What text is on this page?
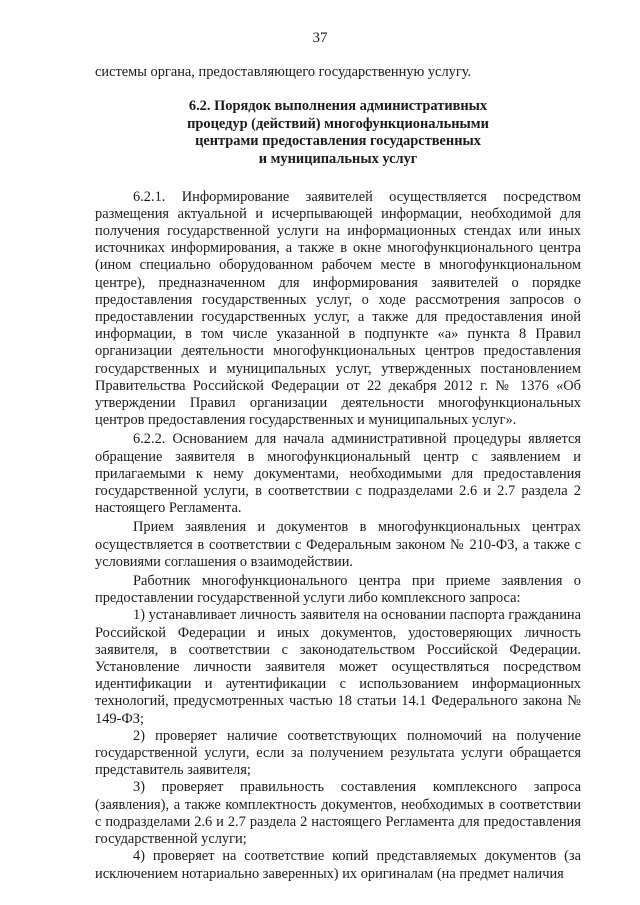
37

системы органа, предоставляющего государственную услугу.

6.2. Порядок выполнения административных
процедур (действий) многофункциональными
центрами предоставления государственных
и муниципальных услуг

6.2.1. Информирование заявителей осуществляется посредством размещения актуальной и исчерпывающей информации, необходимой для получения государственной услуги на информационных стендах или иных источниках информирования, а также в окне многофункционального центра (ином специально оборудованном рабочем месте в многофункциональном центре), предназначенном для информирования заявителей о порядке предоставления государственных услуг, о ходе рассмотрения запросов о предоставлении государственных услуг, а также для предоставления иной информации, в том числе указанной в подпункте «а» пункта 8 Правил организации деятельности многофункциональных центров предоставления государственных и муниципальных услуг, утвержденных постановлением Правительства Российской Федерации от 22 декабря 2012 г. № 1376 «Об утверждении Правил организации деятельности многофункциональных центров предоставления государственных и муниципальных услуг».

6.2.2. Основанием для начала административной процедуры является обращение заявителя в многофункциональный центр с заявлением и прилагаемыми к нему документами, необходимыми для предоставления государственной услуги, в соответствии с подразделами 2.6 и 2.7 раздела 2 настоящего Регламента.

Прием заявления и документов в многофункциональных центрах осуществляется в соответствии с Федеральным законом № 210-ФЗ, а также с условиями соглашения о взаимодействии.

Работник многофункционального центра при приеме заявления о предоставлении государственной услуги либо комплексного запроса:

1) устанавливает личность заявителя на основании паспорта гражданина Российской Федерации и иных документов, удостоверяющих личность заявителя, в соответствии с законодательством Российской Федерации. Установление личности заявителя может осуществляться посредством идентификации и аутентификации с использованием информационных технологий, предусмотренных частью 18 статьи 14.1 Федерального закона № 149-ФЗ;

2) проверяет наличие соответствующих полномочий на получение государственной услуги, если за получением результата услуги обращается представитель заявителя;

3) проверяет правильность составления комплексного запроса (заявления), а также комплектность документов, необходимых в соответствии с подразделами 2.6 и 2.7 раздела 2 настоящего Регламента для предоставления государственной услуги;

4) проверяет на соответствие копий представляемых документов (за исключением нотариально заверенных) их оригиналам (на предмет наличия
